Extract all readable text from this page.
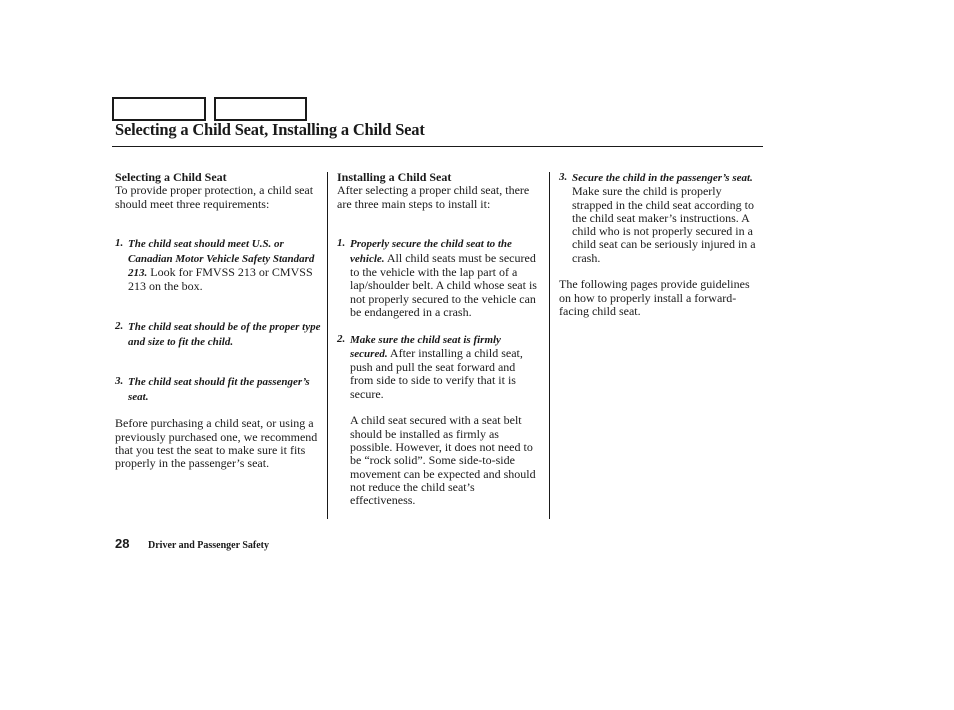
Selecting a Child Seat, Installing a Child Seat
Selecting a Child Seat

To provide proper protection, a child seat should meet three requirements:

1. The child seat should meet U.S. or Canadian Motor Vehicle Safety Standard 213. Look for FMVSS 213 or CMVSS 213 on the box.

2. The child seat should be of the proper type and size to fit the child.

3. The child seat should fit the passenger’s seat.

Before purchasing a child seat, or using a previously purchased one, we recommend that you test the seat to make sure it fits properly in the passenger’s seat.

Installing a Child Seat

After selecting a proper child seat, there are three main steps to install it:

1. Properly secure the child seat to the vehicle. All child seats must be secured to the vehicle with the lap part of a lap/shoulder belt. A child whose seat is not properly secured to the vehicle can be endangered in a crash.

2. Make sure the child seat is firmly secured. After installing a child seat, push and pull the seat forward and from side to side to verify that it is secure.

A child seat secured with a seat belt should be installed as firmly as possible. However, it does not need to be “rock solid”. Some side-to-side movement can be expected and should not reduce the child seat’s effectiveness.

3. Secure the child in the passenger’s seat. Make sure the child is properly strapped in the child seat according to the child seat maker’s instructions. A child who is not properly secured in a child seat can be seriously injured in a crash.

The following pages provide guidelines on how to properly install a forward-facing child seat.

28 Driver and Passenger Safety
